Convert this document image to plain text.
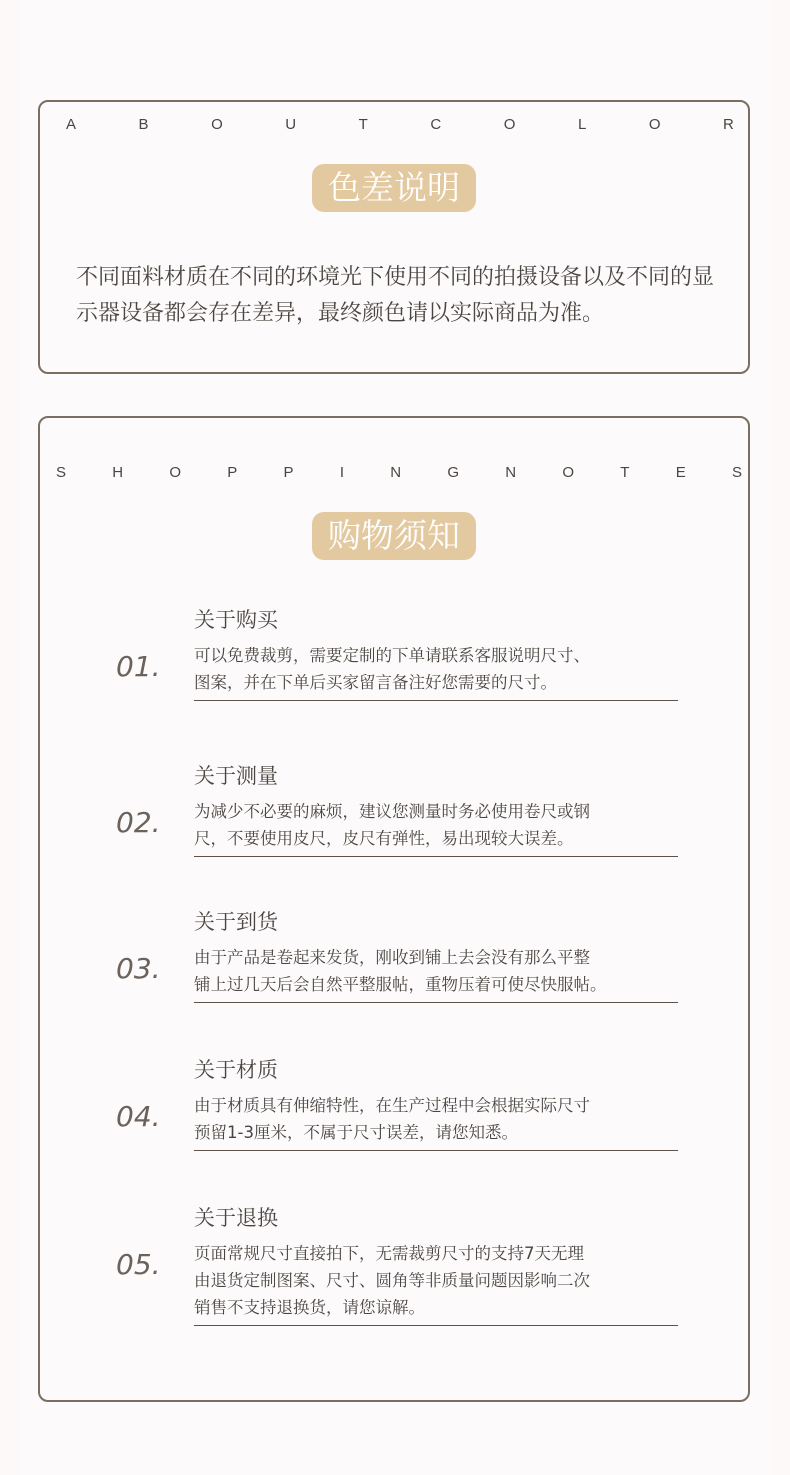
A	B	O	U	T	C	O	L	O	R
色差说明
不同面料材质在不同的环境光下使用不同的拍摄设备以及不同的显示器设备都会存在差异，最终颜色请以实际商品为准。
S	H	O	P	P	I	N	G	N	O	T	E	S
购物须知
关于购买
01. 可以免费裁剪，需要定制的下单请联系客服说明尺寸、
图案，并在下单后买家留言备注好您需要的尺寸。
关于测量
02. 为减少不必要的麻烦，建议您测量时务必使用卷尺或钢
尺，不要使用皮尺，皮尺有弹性，易出现较大误差。
关于到货
03. 由于产品是卷起来发货，刚收到铺上去会没有那么平整
铺上过几天后会自然平整服帖，重物压着可使尽快服帖。
关于材质
04. 由于材质具有伸缩特性，在生产过程中会根据实际尺寸
预留1-3厘米，不属于尺寸误差，请您知悉。
关于退换
05. 页面常规尺寸直接拍下，无需裁剪尺寸的支持7天无理
由退货定制图案、尺寸、圆角等非质量问题因影响二次
销售不支持退换货，请您谅解。
